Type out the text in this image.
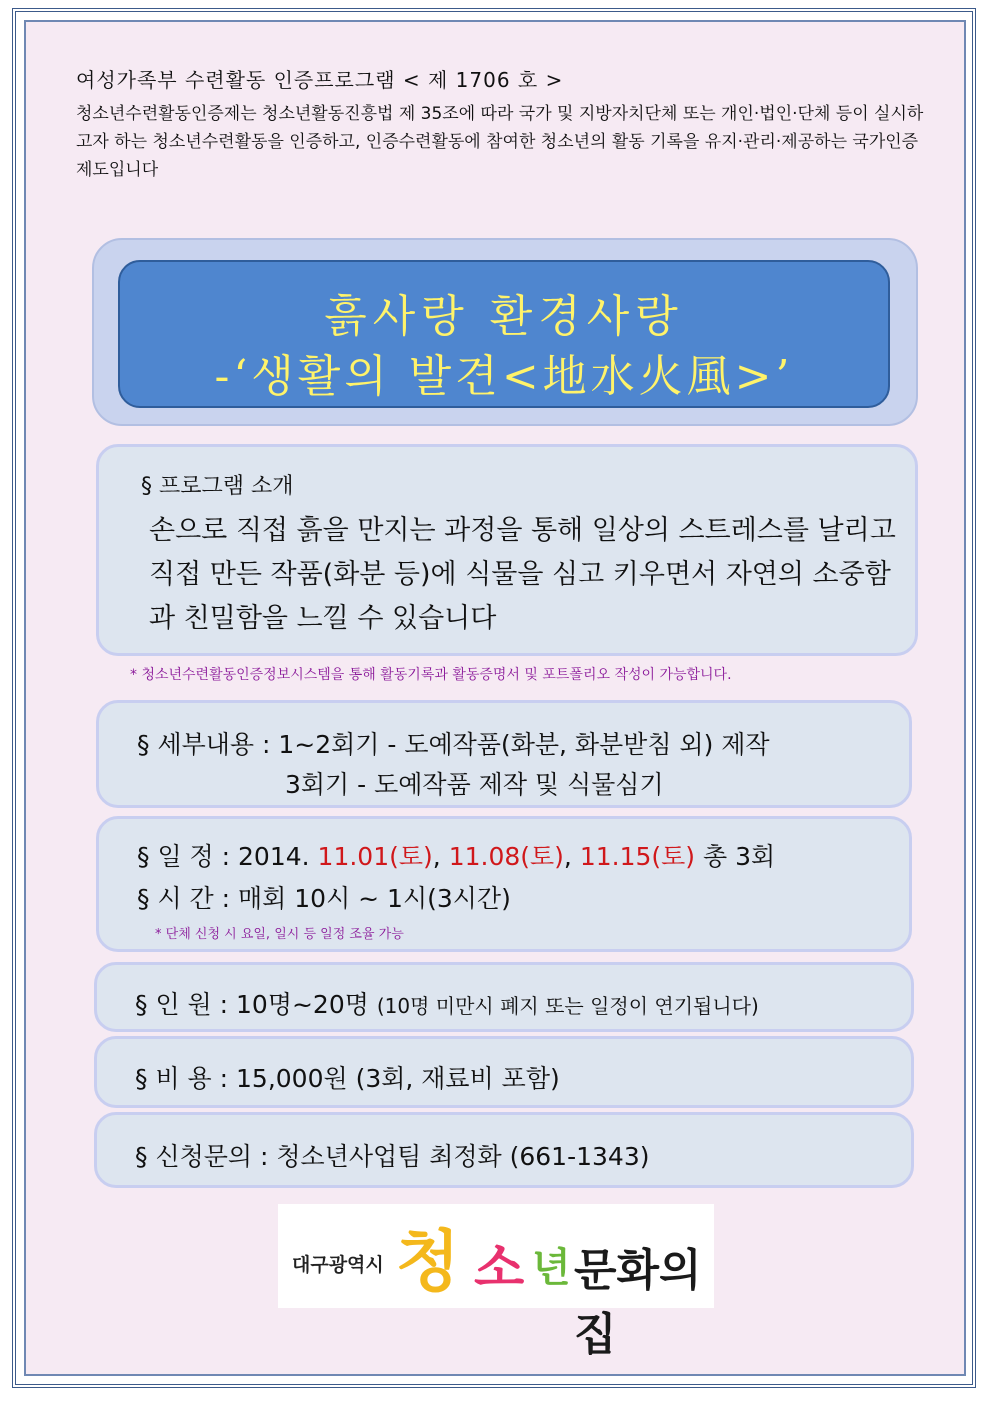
여성가족부 수련활동 인증프로그램 < 제 1706 호 >
청소년수련활동인증제는 청소년활동진흥법 제 35조에 따라 국가 및 지방자치단체 또는 개인·법인·단체 등이 실시하고자 하는 청소년수련활동을 인증하고, 인증수련활동에 참여한 청소년의 활동 기록을 유지·관리·제공하는 국가인증제도입니다
흙사랑 환경사랑
-‘생활의 발견<地水火風>’
§ 프로그램 소개
손으로 직접 흙을 만지는 과정을 통해 일상의 스트레스를 날리고 직접 만든 작품(화분 등)에 식물을 심고 키우면서 자연의 소중함과 친밀함을 느낄 수 있습니다
* 청소년수련활동인증정보시스템을 통해 활동기록과 활동증명서 및 포트폴리오 작성이 가능합니다.
§ 세부내용 : 1~2회기 - 도예작품(화분, 화분받침 외) 제작
3회기 - 도예작품 제작 및 식물심기
§ 일 정 : 2014. 11.01(토), 11.08(토), 11.15(토) 총 3회
§ 시 간 : 매회 10시 ~ 1시(3시간)
* 단체 신청 시 요일, 일시 등 일정 조율 가능
§ 인 원 : 10명~20명 (10명 미만시 폐지 또는 일정이 연기됩니다)
§ 비 용 : 15,000원 (3회, 재료비 포함)
§ 신청문의 : 청소년사업팀 최정화 (661-1343)
대구광역시 청 소 년 문화의집
